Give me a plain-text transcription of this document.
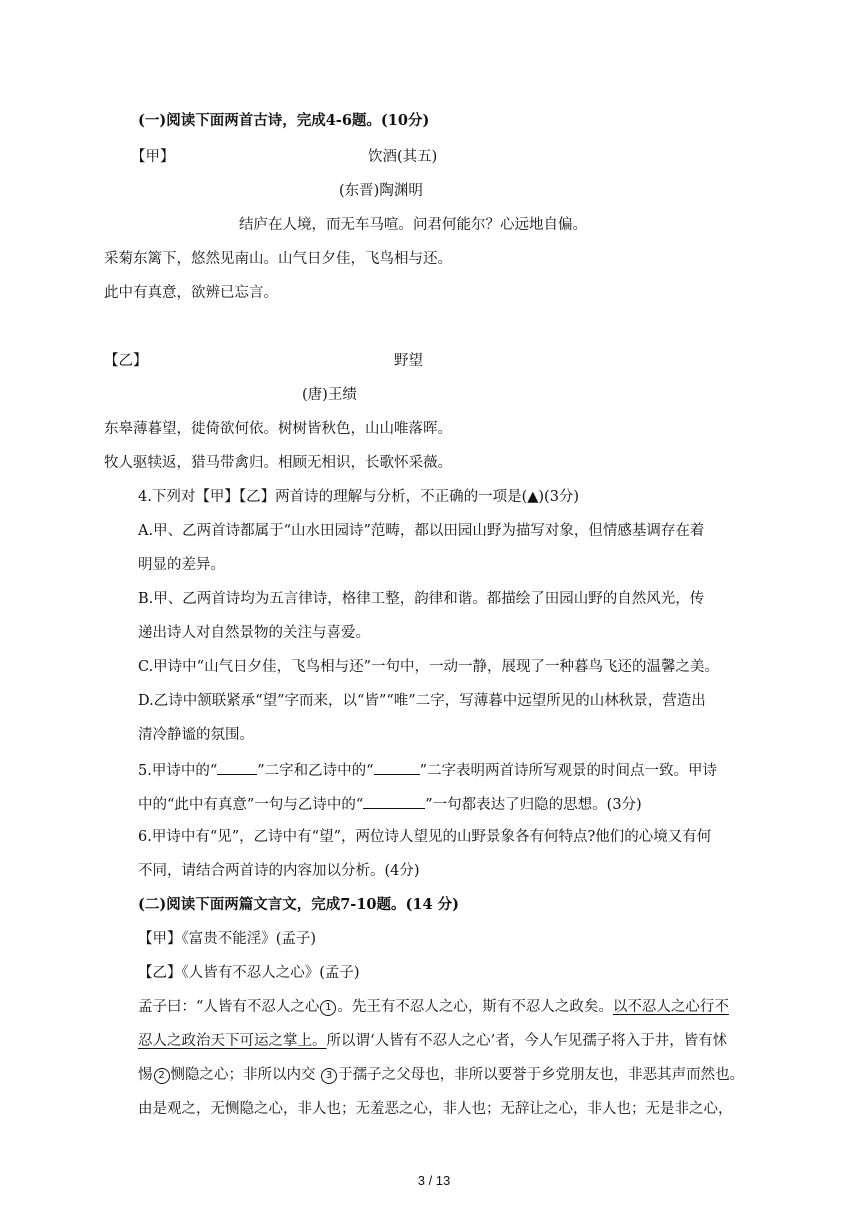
(一)阅读下面两首古诗，完成4-6题。(10分)
【甲】	饮酒(其五)
(东晋)陶渊明
结庐在人境，而无车马喧。问君何能尔？心远地自偏。
采菊东篱下，悠然见南山。山气日夕佳，飞鸟相与还。
此中有真意，欲辨已忘言。
【乙】	野望
(唐)王绩
东皋薄暮望，徙倚欲何依。树树皆秋色，山山唯落晖。
牧人驱犊返，猎马带禽归。相顾无相识，长歌怀采薇。
4.下列对【甲】【乙】两首诗的理解与分析，不正确的一项是(▲)(3分)
A.甲、乙两首诗都属于“山水田园诗”范畴，都以田园山野为描写对象，但情感基调存在着
明显的差异。
B.甲、乙两首诗均为五言律诗，格律工整，韵律和谐。都描绘了田园山野的自然风光，传
递出诗人对自然景物的关注与喜爱。
C.甲诗中“山气日夕佳，飞鸟相与还”一句中，一动一静，展现了一种暮鸟飞还的温馨之美。
D.乙诗中颔联紧承“望”字而来，以“皆”“唯”二字，写薄暮中远望所见的山林秋景，营造出
清冷静谧的氛围。
5.甲诗中的“	”二字和乙诗中的“	”二字表明两首诗所写观景的时间点一致。甲诗
中的“此中有真意”一句与乙诗中的“	”一句都表达了归隐的思想。(3分)
6.甲诗中有“见”，乙诗中有“望”，两位诗人望见的山野景象各有何特点?他们的心境又有何
不同，请结合两首诗的内容加以分析。(4分)
(二)阅读下面两篇文言文，完成7-10题。(14 分)
【甲】《富贵不能淫》(孟子)
【乙】《人皆有不忍人之心》(孟子)
孟子曰：“人皆有不忍人之心 1 。先王有不忍人之心，斯有不忍人之政矣。以不忍人之心行不
忍人之政治天下可运之掌上。所以谓‘人皆有不忍人之心’者，今人乍见孺子将入于井，皆有怵
惕 2 恻隐之心；非所以内交 3 于孺子之父母也，非所以要誉于乡党朋友也，非恶其声而然也。
由是观之，无恻隐之心，非人也；无羞恶之心，非人也；无辞让之心，非人也；无是非之心，
3 / 13
